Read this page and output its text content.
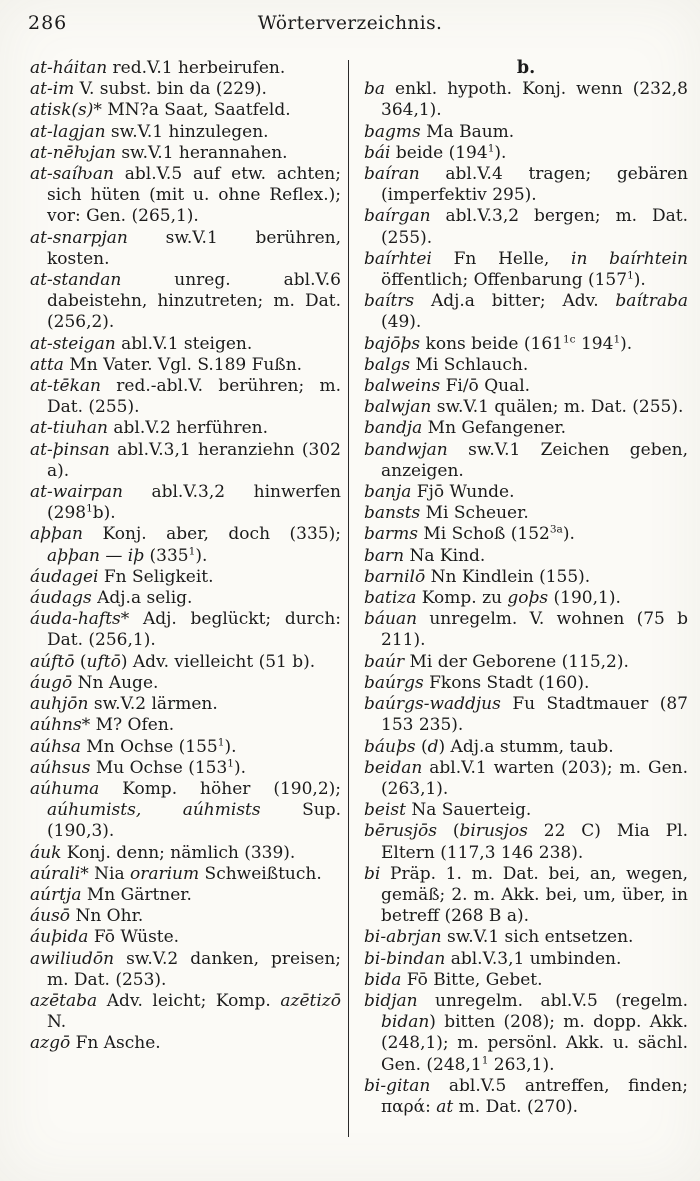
286	Wörterverzeichnis.

at-háitan red.V.1 herbeirufen.

at-im V. subst. bin da (229).

atisk(s)* MN?a Saat, Saatfeld.

at-lagjan sw.V.1 hinzulegen.

at-nēƕjan sw.V.1 herannahen.

at-saíƕan abl.V.5 auf etw. achten; sich hüten (mit u. ohne Reflex.); vor: Gen. (265,1).

at-snarpjan sw.V.1 berühren, kosten.

at-standan unreg. abl.V.6 dabeistehn, hinzutreten; m. Dat. (256,2).

at-steigan abl.V.1 steigen.

atta Mn Vater. Vgl. S.189 Fußn.

at-tēkan red.-abl.V. berühren; m. Dat. (255).

at-tiuhan abl.V.2 herführen.

at-þinsan abl.V.3,1 heranziehn (302 a).

at-wairpan abl.V.3,2 hinwerfen $(298^1b)$.

aþþan Konj. aber, doch (335); aþþan — iþ $(335^1)$.

áudagei Fn Seligkeit.

áudags Adj.a selig.

áuda-hafts* Adj. beglückt; durch: Dat. (256,1).

aúftō (uftō) Adv. vielleicht (51 b).

áugō Nn Auge.

auhjōn sw.V.2 lärmen.

aúhns* M? Ofen.

aúhsa Mn Ochse $(155^1)$.

aúhsus Mu Ochse $(153^1)$.

aúhuma Komp. höher (190,2); aúhumists, aúhmists Sup. (190,3).

áuk Konj. denn; nämlich (339).

aúrali* Nia orarium Schweißtuch.

aúrtja Mn Gärtner.

áusō Nn Ohr.

áuþida Fō Wüste.

awiliudōn sw.V.2 danken, preisen; m. Dat. (253).

azētaba Adv. leicht; Komp. azētizō N.

azgō Fn Asche.

b.

ba enkl. hypoth. Konj. wenn (232,8 364,1).

bagms Ma Baum.

bái beide $(194^1)$.

baíran abl.V.4 tragen; gebären (imperfektiv 295).

baírgan abl.V.3,2 bergen; m. Dat. (255).

baírhtei Fn Helle, in baírhtein öffentlich; Offenbarung $(157^1)$.

baítrs Adj.a bitter; Adv. baítraba (49).

bajōþs kons beide ($161^{1c}$ $194^1$).

balgs Mi Schlauch.

balweins Fi/ō Qual.

balwjan sw.V.1 quälen; m. Dat. (255).

bandja Mn Gefangener.

bandwjan sw.V.1 Zeichen geben, anzeigen.

banja Fjō Wunde.

bansts Mi Scheuer.

barms Mi Schoß $(152^{3a})$.

barn Na Kind.

barnilō Nn Kindlein (155).

batiza Komp. zu goþs (190,1).

báuan unregelm. V. wohnen (75 b 211).

baúr Mi der Geborene (115,2).

baúrgs Fkons Stadt (160).

baúrgs-waddjus Fu Stadtmauer (87 153 235).

báuþs (d) Adj.a stumm, taub.

beidan abl.V.1 warten (203); m. Gen. (263,1).

beist Na Sauerteig.

bērusjōs (birusjos 22 C) Mia Pl. Eltern (117,3 146 238).

bi Präp. 1. m. Dat. bei, an, wegen, gemäß; 2. m. Akk. bei, um, über, in betreff (268 B a).

bi-abrjan sw.V.1 sich entsetzen.

bi-bindan abl.V.3,1 umbinden.

bida Fō Bitte, Gebet.

bidjan unregelm. abl.V.5 (regelm. bidan) bitten (208); m. dopp. Akk. (248,1); m. persönl. Akk. u. sächl. Gen. (248,1$^1$ 263,1).

bi-gitan abl.V.5 antreffen, finden; παρά: at m. Dat. (270).
